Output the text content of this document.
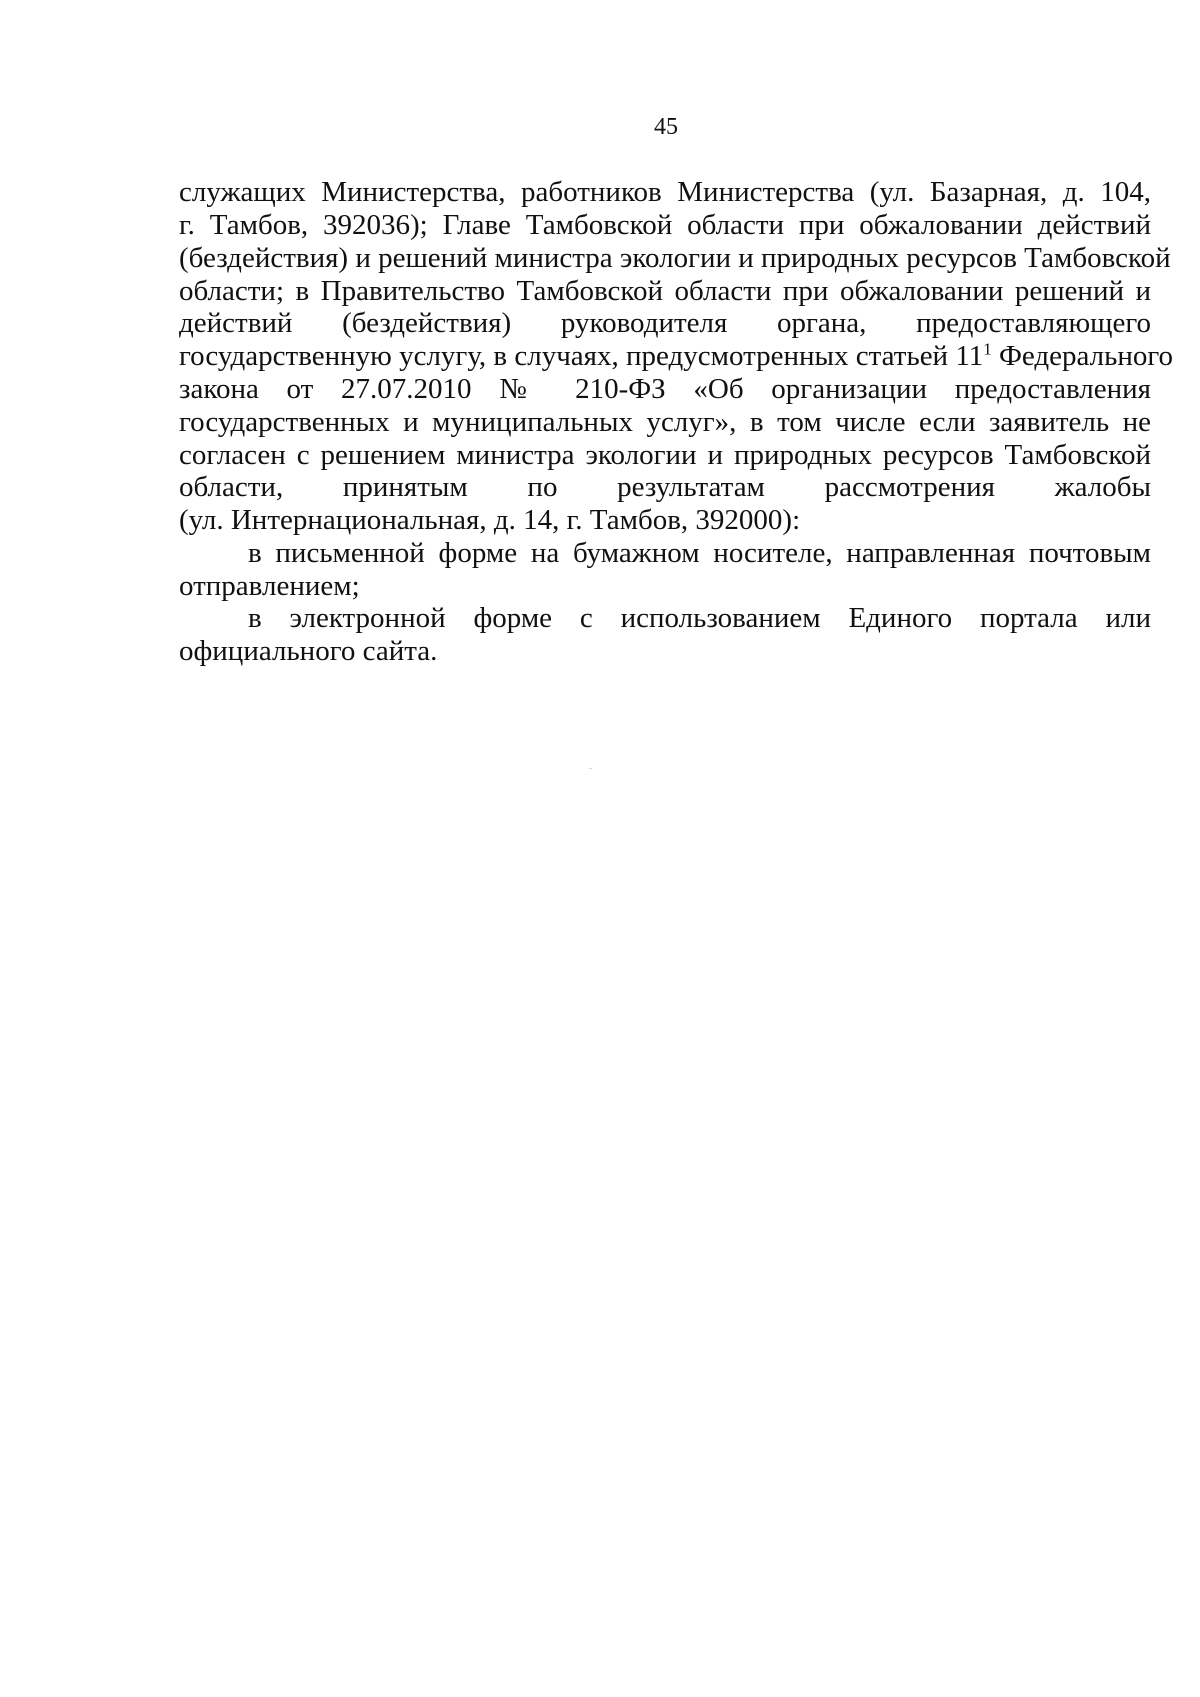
45
служащих Министерства, работников Министерства (ул. Базарная, д. 104,
г. Тамбов, 392036); Главе Тамбовской области при обжаловании действий
(бездействия) и решений министра экологии и природных ресурсов Тамбовской
области; в Правительство Тамбовской области при обжаловании решений и
действий (бездействия) руководителя органа, предоставляющего
государственную услугу, в случаях, предусмотренных статьей $11^1$ Федерального
закона от 27.07.2010 № 210-ФЗ «Об организации предоставления
государственных и муниципальных услуг», в том числе если заявитель не
согласен с решением министра экологии и природных ресурсов Тамбовской
области, принятым по результатам рассмотрения жалобы
(ул. Интернациональная, д. 14, г. Тамбов, 392000):
в письменной форме на бумажном носителе, направленная почтовым
отправлением;
в электронной форме с использованием Единого портала или
официального сайта.
